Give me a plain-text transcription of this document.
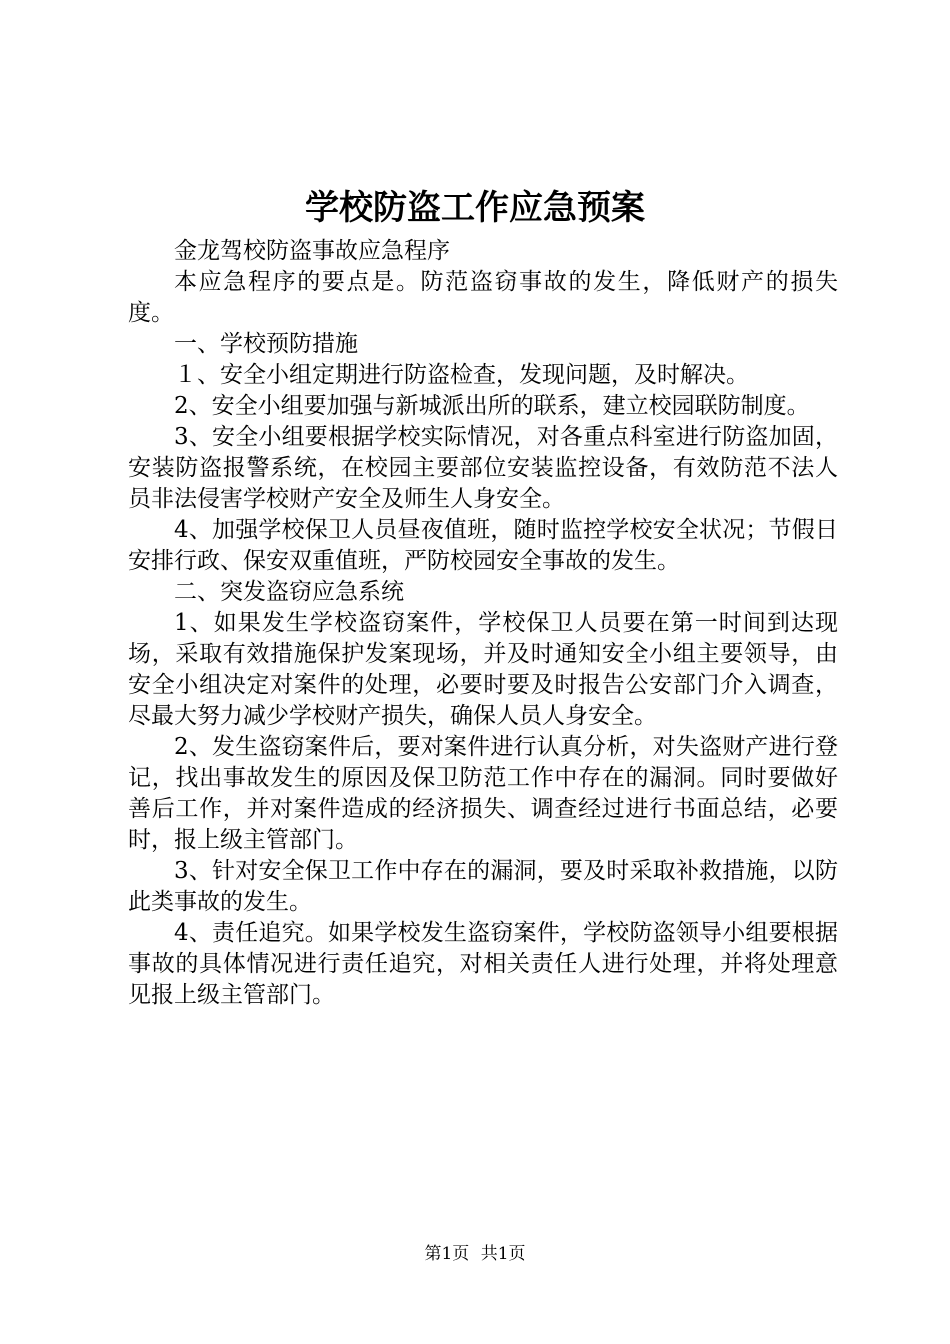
学校防盗工作应急预案

金龙驾校防盗事故应急程序

本应急程序的要点是。防范盗窃事故的发生，降低财产的损失度。

一、学校预防措施

１、安全小组定期进行防盗检查，发现问题，及时解决。

2、安全小组要加强与新城派出所的联系，建立校园联防制度。

3、安全小组要根据学校实际情况，对各重点科室进行防盗加固，安装防盗报警系统，在校园主要部位安装监控设备，有效防范不法人员非法侵害学校财产安全及师生人身安全。

4、加强学校保卫人员昼夜值班，随时监控学校安全状况；节假日安排行政、保安双重值班，严防校园安全事故的发生。

二、突发盗窃应急系统

1、如果发生学校盗窃案件，学校保卫人员要在第一时间到达现场，采取有效措施保护发案现场，并及时通知安全小组主要领导，由安全小组决定对案件的处理，必要时要及时报告公安部门介入调查，尽最大努力减少学校财产损失，确保人员人身安全。

2、发生盗窃案件后，要对案件进行认真分析，对失盗财产进行登记，找出事故发生的原因及保卫防范工作中存在的漏洞。同时要做好善后工作，并对案件造成的经济损失、调查经过进行书面总结，必要时，报上级主管部门。

3、针对安全保卫工作中存在的漏洞，要及时采取补救措施，以防此类事故的发生。

4、责任追究。如果学校发生盗窃案件，学校防盗领导小组要根据事故的具体情况进行责任追究，对相关责任人进行处理，并将处理意见报上级主管部门。

第1页 共1页
